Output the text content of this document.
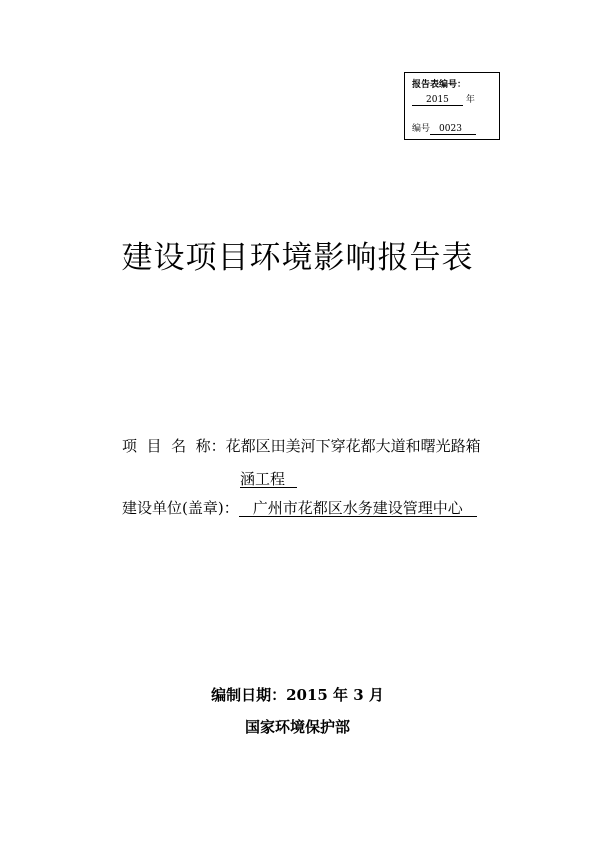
报告表编号：
2015 年
编号 0023
建设项目环境影响报告表
项  目  名  称：花都区田美河下穿花都大道和曙光路箱
涵工程
建设单位(盖章)： 广州市花都区水务建设管理中心
编制日期：2015 年 3 月
国家环境保护部
